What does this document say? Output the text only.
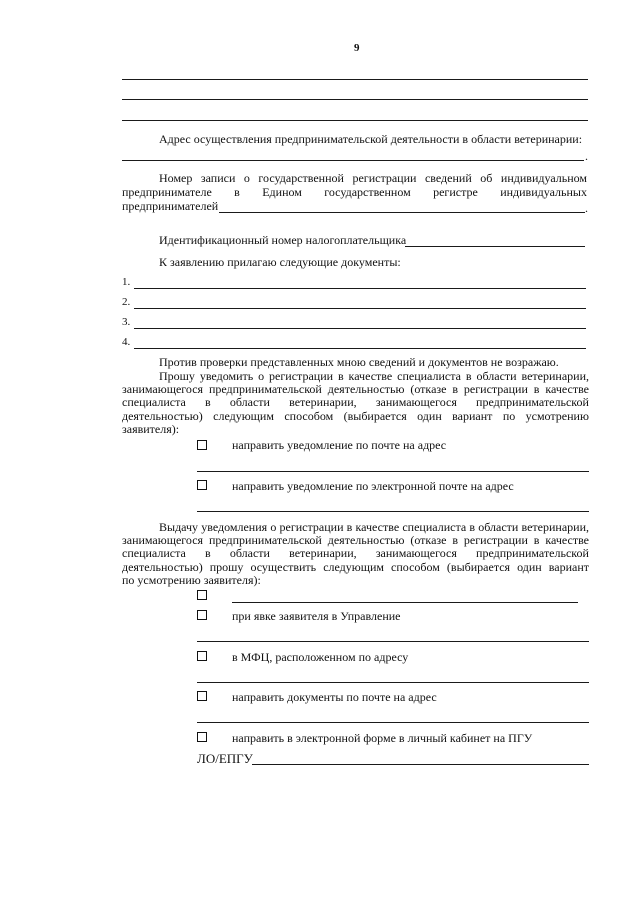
9
Адрес осуществления предпринимательской деятельности в области ветеринарии:
.
Номер записи о государственной регистрации сведений об индивидуальном
предпринимателе в Едином государственном регистре индивидуальных
предпринимателей	.
Идентификационный номер налогоплательщика
К заявлению прилагаю следующие документы:
1.
2.
3.
4.
Против проверки представленных мною сведений и документов не возражаю.
Прошу уведомить о регистрации в качестве специалиста в области ветеринарии,
занимающегося предпринимательской деятельностью (отказе в регистрации в качестве
специалиста в области ветеринарии, занимающегося предпринимательской
деятельностью) следующим способом (выбирается один вариант по усмотрению
заявителя):
направить уведомление по почте на адрес
направить уведомление по электронной почте на адрес
Выдачу уведомления о регистрации в качестве специалиста в области ветеринарии,
занимающегося предпринимательской деятельностью (отказе в регистрации в качестве
специалиста в области ветеринарии, занимающегося предпринимательской
деятельностью) прошу осуществить следующим способом (выбирается один вариант
по усмотрению заявителя):
при явке заявителя в Управление
в МФЦ, расположенном по адресу
направить документы по почте на адрес
направить в электронной форме в личный кабинет на ПГУ
ЛО/ЕПГУ
